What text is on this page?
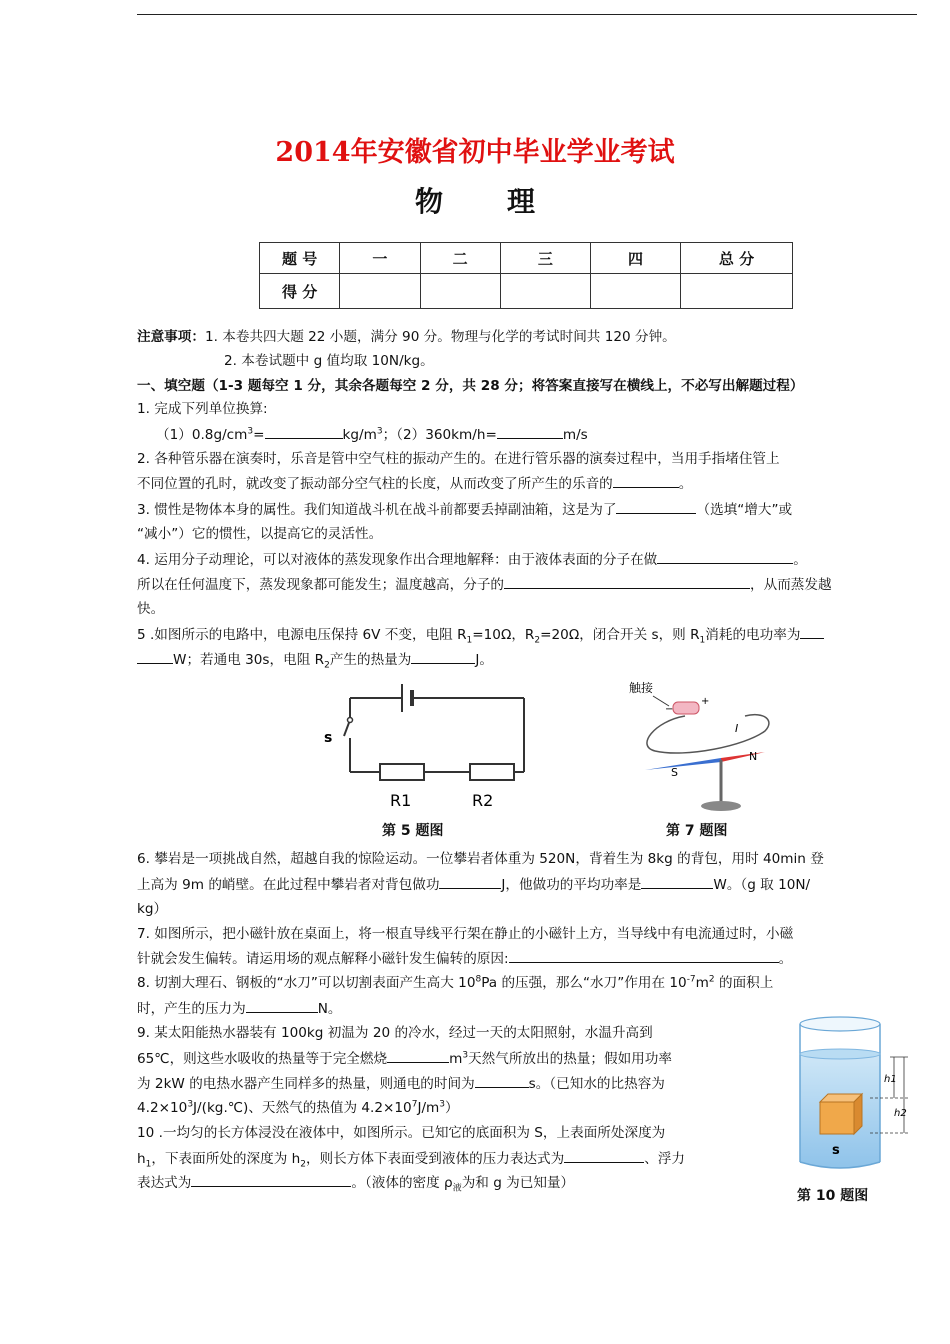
2014年安徽省初中毕业学业考试
物 理
题 号	一	二	三	四	总 分
得 分					
注意事项：1. 本卷共四大题 22 小题，满分 90 分。物理与化学的考试时间共 120 分钟。
2. 本卷试题中 g 值均取 10N/kg。
一、填空题（1-3 题每空 1 分，其余各题每空 2 分，共 28 分；将答案直接写在横线上，不必写出解题过程）
1. 完成下列单位换算:
$(1)0.8g/cm^3=$	$kg/m^3$；（2）360km/h=	m/s
2. 各种管乐器在演奏时，乐音是管中空气柱的振动产生的。在进行管乐器的演奏过程中，当用手指堵住管上
不同位置的孔时，就改变了振动部分空气柱的长度，从而改变了所产生的乐音的	。
3. 惯性是物体本身的属性。我们知道战斗机在战斗前都要丢掉副油箱，这是为了	（选填“增大”或
“减小”）它的惯性，以提高它的灵活性。
4. 运用分子动理论，可以对液体的蒸发现象作出合理地解释：由于液体表面的分子在做	。
所以在任何温度下，蒸发现象都可能发生；温度越高，分子的	，从而蒸发越
快。
5 .如图所示的电路中，电源电压保持 6V 不变，电阻 $R_1=10\Omega$，$R_2=20\Omega$，闭合开关 s，则 $R_1$消耗的电功率为
W；若通电 30s，电阻 $R_2$产生的热量为	J。
s
R1	R2
第 5 题图
触接
−
+
I
S
N
第 7 题图
6. 攀岩是一项挑战自然，超越自我的惊险运动。一位攀岩者体重为 520N，背着生为 8kg 的背包，用时 40min 登
上高为 9m 的峭壁。在此过程中攀岩者对背包做功	J，他做功的平均功率是	W。（g 取 10N/
kg）
7. 如图所示，把小磁针放在桌面上，将一根直导线平行架在静止的小磁针上方，当导线中有电流通过时，小磁
针就会发生偏转。请运用场的观点解释小磁针发生偏转的原因:	。
8. 切割大理石、钢板的“水刀”可以切割表面产生高大 $10^8Pa$ 的压强，那么“水刀”作用在 $10^{-7}m^2$ 的面积上
时，产生的压力为	N。
9. 某太阳能热水器装有 100kg 初温为 20 的冷水，经过一天的太阳照射，水温升高到
65℃，则这些水吸收的热量等于完全燃烧	$m^3$天然气所放出的热量；假如用功率
为 2kW 的电热水器产生同样多的热量，则通电的时间为	s。（已知水的比热容为
$4.2\times 10^3J/(kg.℃)$、天然气的热值为 $4.2\times 10^7J/m^3$）
10 .一均匀的长方体浸没在液体中，如图所示。已知它的底面积为 S，上表面所处深度为
$h_1$，下表面所处的深度为 $h_2$，则长方体下表面受到液体的压力表达式为	、浮力
表达式为	。（液体的密度 $\rho_液$为和 g 为已知量）
h1
h2
s
第 10 题图
